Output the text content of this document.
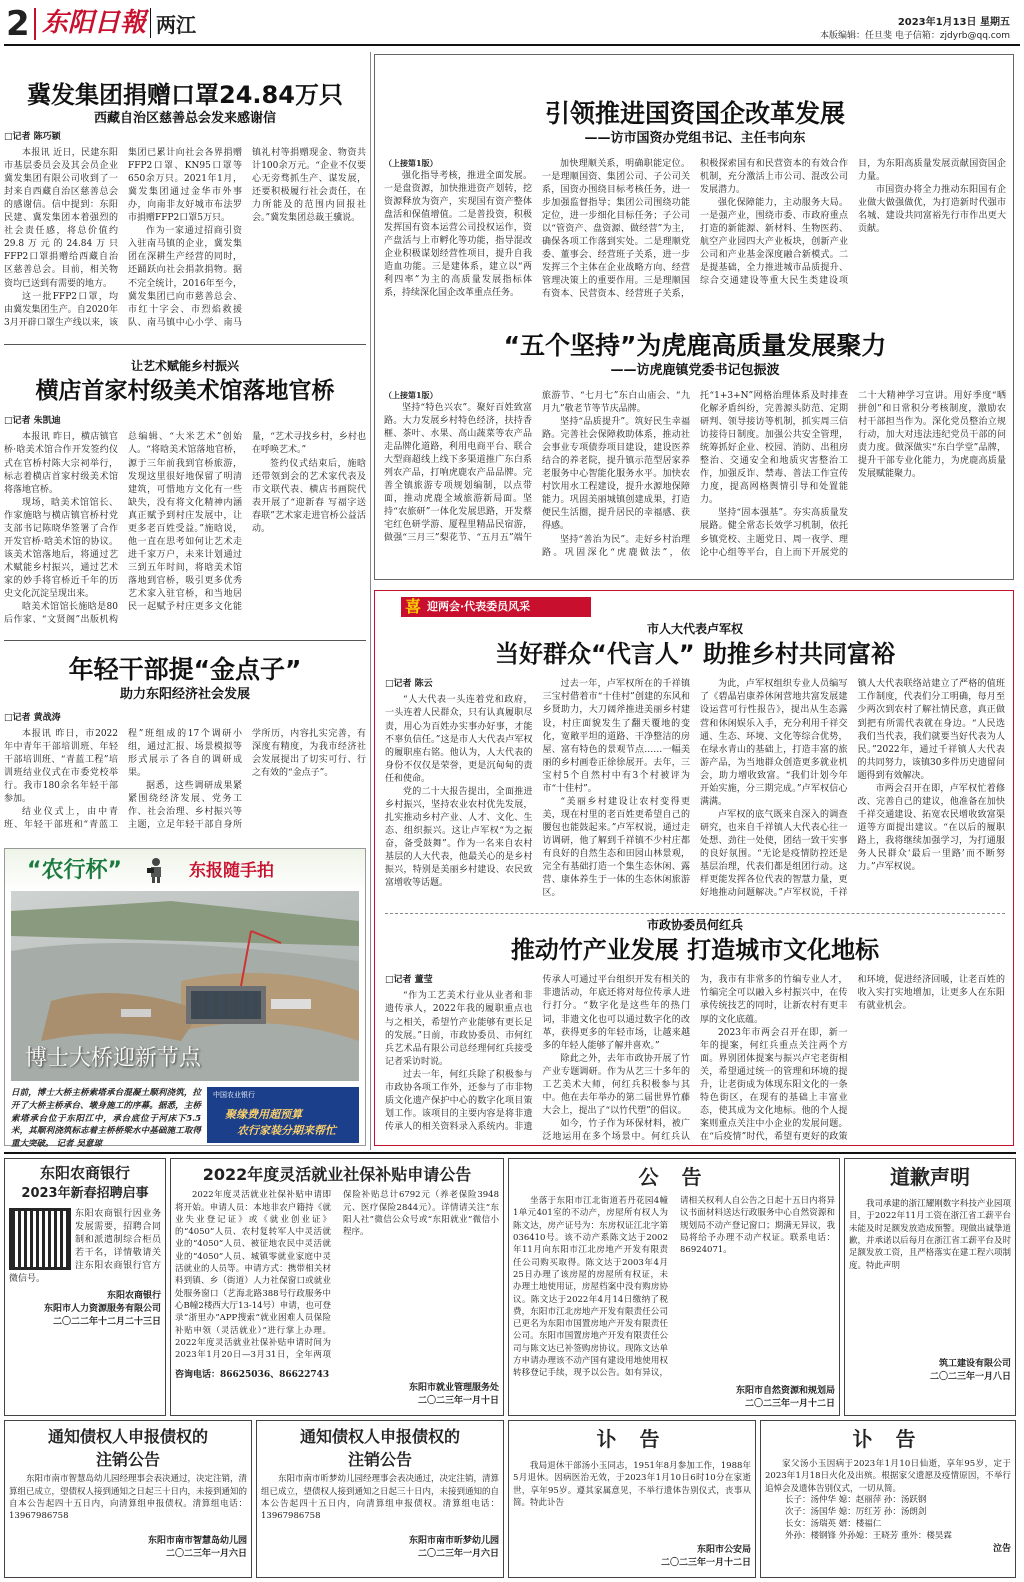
2 东阳日報 两江	2023年1月13日 星期五
本版编辑：任旦斐 电子信箱：zjdyrb@qq.com
冀发集团捐赠口罩24.84万只
西藏自治区慈善总会发来感谢信
□记者 陈巧颖

本报讯 近日，民建东阳市基层委员会及其会员企业冀发集团有限公司收到了一封来自西藏自治区慈善总会的感谢信。信中提到：东阳民建、冀发集团本着强烈的社会责任感，将总价值约29.8万元的24.84万只FFP2口罩捐赠给西藏自治区慈善总会。目前，相关物资均已送到有需要的地方。

这一批FFP2口罩，均由冀发集团生产。自2020年3月开辟口罩生产线以来，该集团已累计向社会各界捐赠FFP2口罩、KN95口罩等650余万只。2021年1月，冀发集团通过金华市外事办，向南非友好城市布法罗市捐赠FFP2口罩5万只。

作为一家通过招商引资入驻南马镇的企业，冀发集团在深耕生产经营的同时，还踊跃向社会捐款捐物。据不完全统计，2016年至今，冀发集团已向市慈善总会、市红十字会、市烈焰救援队、南马镇中心小学、南马镇礼村等捐赠现金、物资共计100余万元。“企业不仅要心无旁骛抓生产、谋发展，还要积极履行社会责任，在力所能及的范围内回报社会。”冀发集团总裁王骥说。

让艺术赋能乡村振兴
横店首家村级美术馆落地官桥
□记者 朱凯迪

本报讯 昨日，横店镇官桥·晗美术馆合作开发签约仪式在官桥村陈大宗祠举行，标志着横店首家村级美术馆将落地官桥。

现场，晗美术馆馆长、作家施晗与横店镇官桥村党支部书记陈晓华签署了合作开发官桥·晗美术馆的协议。该美术馆落地后，将通过艺术赋能乡村振兴，通过艺术家的妙手将官桥近千年的历史文化沉淀呈现出来。

晗美术馆馆长施晗是80后作家、“文贤阁”出版机构总编辑、“大米艺术”创始人。“将晗美术馆落地官桥，源于三年前我到官桥旅游，发现这里很好地保留了明清建筑，可惜地方文化有一些缺失，没有将文化精神内涵真正赋予到村庄发展中，让更多老百姓受益。”施晗说，他一直在思考如何让艺术走进千家万户，未来计划通过三到五年时间，将晗美术馆落地到官桥，吸引更多优秀艺术家入驻官桥，和当地居民一起赋予村庄更多文化能量，“艺术寻找乡村，乡村也在呼唤艺术。”

签约仪式结束后，施晗还带领到会的艺术家代表及市文联代表、横店书画院代表开展了“迎新春 写福字送春联”艺术家走进官桥公益活动。

年轻干部提“金点子”
助力东阳经济社会发展
□记者 黄战涛

本报讯 昨日，市2022年中青年干部培训班、年轻干部培训班、“青蓝工程”培训班结业仪式在市委党校举行。我市180余名年轻干部参加。

结业仪式上，由中青班、年轻干部班和“青蓝工程”班组成的17个调研小组，通过汇报、场景模拟等形式展示了各自的调研成果。

据悉，这些调研成果紧紧围绕经济发展、党务工作、社会治理、乡村振兴等主题，立足年轻干部自身所学所历，内容扎实完善，有深度有精度，为我市经济社会发展提出了切实可行、行之有效的“金点子”。

“农行杯”	东报随手拍
博士大桥迎新节点
日前，博士大桥主桥索塔承台混凝土顺利浇筑，拉开了大桥主桥承台、墩身施工的序幕。据悉，主桥索塔承台位于东阳江中，承台底位于河床下5.5米，其顺利浇筑标志着主桥桥梁水中基础施工取得重大突破。 记者 吴意琼
中国农业银行
聚缘费用超预算
农行家装分期来帮忙
引领推进国资国企改革发展
——访市国资办党组书记、主任韦向东
（上接第1版）

强化指导考核，推进全面发展。一是盘资源，加快推进资产划转，挖资源释放为资产，实现国有资产整体盘活和保值增值。二是普投资，积极发挥国有资本运营公司投权运作，资产盘活与上市孵化等功能，指导混改企业积极谋划经营性项目，提升自我造血功能。三是建体系，建立以“两利四率”为主的高质量发展指标体系，持续深化国企改革重点任务。

加快理顺关系，明确职能定位。一是理顺国资、集团公司、子公司关系，国资办围绕目标考核任务，进一步加强监督指导；集团公司围绕功能定位，进一步细化目标任务；子公司以“管资产、盘资源、做经营”为主，确保各项工作落到实处。二是理顺党委、董事会、经营班子关系，进一步发挥三个主体在企业战略方向、经营管理决策上的重要作用。三是理顺国有资本、民营资本、经营班子关系，积极探索国有和民营资本的有效合作机制，充分激活上市公司、混改公司发展潜力。

强化保障能力，主动服务大局。一是强产业，围绕市委、市政府重点打造的新能源、新材料、生物医药、航空产业园四大产业板块，创新产业公司和产业基金深度融合新模式。二是提基础，全力推进城市品质提升、综合交通建设等重大民生类建设项目，为东阳高质量发展贡献国资国企力量。

市国资办将全力推动东阳国有企业做大做强做优，为打造新时代强市名城、建设共同富裕先行市作出更大贡献。

“五个坚持”为虎鹿高质量发展聚力
——访虎鹿镇党委书记包振波
（上接第1版）

坚持“特色兴农”。聚好百姓致富路。大力发展乡村特色经济，扶持香榧、茶叶、水果、高山蔬菜等农产品走品牌化道路，利用电商平台、联合大型商超线上线下多渠道推广东白系列农产品，打响虎鹿农产品品牌。完善全镇旅游专项规划编制，以点带面，推动虎鹿全域旅游新局面。坚持“农旅研”一体化发展思路，开发蔡宅红色研学游、厦程里精品民宿游，做强“三月三”梨花节、“五月五”端午旅游节、“七月七”东白山庙会、“九月九”敬老节等节庆品牌。

坚持“品质提升”。筑好民生幸福路。完善社会保障救助体系，推动社会事业专项债券项目建设，建设医养结合的养老院，提升镇示范型居家养老服务中心智能化服务水平。加快农村饮用水工程建设，提升水源地保障能力。巩固美丽城镇创建成果，打造便民生活圈，提升居民的幸福感、获得感。

坚持“善治为民”。走好乡村治理路。巩固深化“虎鹿做法”，依托“1+3+N”网格治理体系及时排查化解矛盾纠纷，完善源头防范、定期研判、领导接访等机制，抓实周三信访接待日制度。加强公共安全管理，统筹抓好企业、校园、消防、出租房整治、交通安全和地质灾害整治工作，加强反诈、禁毒、普法工作宣传力度，提高网格舆情引导和处置能力。

坚持“固本强基”。夯实高质量发展路。健全常态长效学习机制，依托乡镇党校、主题党日、周一夜学、理论中心组等平台，自上而下开展党的二十大精神学习宣讲。用好季度“晒拼创”和日常积分考核制度，激励农村干部担当作为。深化党员整治立规行动，加大对违法违纪党员干部的问责力度。做深做实“东白学堂”品牌，提升干部专业化能力，为虎鹿高质量发展赋能聚力。

喜 迎两会·代表委员风采
市人大代表卢军权
当好群众“代言人” 助推乡村共同富裕
□记者 陈云

“人大代表一头连着党和政府，一头连着人民群众，只有认真履职尽责，用心为百姓办实事办好事，才能不辜负信任。”这是市人大代表卢军权的履职座右铭。他认为，人大代表的身份不仅仅是荣誉，更是沉甸甸的责任和使命。

党的二十大报告提出，全面推进乡村振兴，坚持农业农村优先发展，扎实推动乡村产业、人才、文化、生态、组织振兴。这让卢军权“为之振奋，备受鼓舞”。作为一名来自农村基层的人大代表，他最关心的是乡村振兴，特别是美丽乡村建设、农民致富增收等话题。

过去一年，卢军权所在的千祥镇三宝村借着市“十佳村”创建的东风和乡贤助力，大刀阔斧推进美丽乡村建设，村庄面貌发生了翻天覆地的变化，宽敞平坦的道路、干净整洁的房屋、富有特色的景观节点……一幅美丽的乡村画卷正徐徐展开。去年，三宝村5个自然村中有3个村被评为市“十佳村”。

“美丽乡村建设让农村变得更美，现在村里的老百姓更希望自己的腰包也能鼓起来。”卢军权说，通过走访调研，他了解到千祥镇不少村庄都有良好的自然生态和田园山林景观，完全有基础打造一个集生态休闲、露营、康体养生于一体的生态休闲旅游区。

为此，卢军权组织专业人员编写了《碧晶岩康养休闲营地共富发展建设运营可行性报告》，提出从生态露营和休闲娱乐入手，充分利用千祥交通、生态、环境、文化等综合优势，在绿水青山的基础上，打造丰富的旅游产品，为当地群众创造更多就业机会，助力增收致富。“我们计划今年开始实施，分三期完成。”卢军权信心满满。

卢军权的底气既来自深入的调查研究，也来自千祥镇人大代表心往一处想、劲往一处使，团结一致干实事的良好氛围。“无论是疫情防控还是基层治理，代表们都是组团行动。这样更能发挥各位代表的智慧力量，更好地推动问题解决。”卢军权说，千祥镇人大代表联络站建立了严格的值班工作制度，代表们分工明确，每月至少两次到农村了解社情民意，真正做到把有所需代表就在身边。“人民选我们当代表，我们就要当好代表为人民。”2022年，通过千祥镇人大代表的共同努力，该镇30多件历史遗留问题得到有效解决。

市两会召开在即，卢军权忙着修改、完善自己的建议，他准备在加快千祥交通建设、拓宽农民增收致富渠道等方面提出建议。“在以后的履职路上，我将继续加强学习，为打通服务人民群众‘最后一里路’而不断努力。”卢军权说。

市政协委员何红兵
推动竹产业发展 打造城市文化地标
□记者 董莹

“作为工艺美术行业从业者和非遗传承人，2022年我的履职重点也与之相关，希望竹产业能够有更长足的发展。”日前，市政协委员、市何红兵艺术品有限公司总经理何红兵接受记者采访时说。

过去一年，何红兵除了积极参与市政协各项工作外，还参与了市非物质文化遗产保护中心的数字化项目策划工作。该项目的主要内容是将非遗传承人的相关资料录入系统内。非遗传承人可通过平台组织开发有相关的非遗活动，年底还将对每位传承人进行打分。“数字化是这些年的热门词，非遗文化也可以通过数字化的改革，获得更多的年轻市场，让越来越多的年轻人能够了解并喜欢。”

除此之外，去年市政协开展了竹产业专题调研。作为从艺三十多年的工艺美术大师，何红兵积极参与其中。他在去年举办的第二届世界竹藤大会上，提出了“以竹代塑”的倡议。

如今，竹子作为环保材料，被广泛地运用在多个场景中。何红兵认为，我市有非常多的竹编专业人才，竹编完全可以融入乡村振兴中，在传承传统技艺的同时，让新农村有更丰厚的文化底蕴。

2023年市两会召开在即，新一年的提案，何红兵重点关注两个方面。界别团体提案与振兴卢宅老街相关，希望通过统一的管理和环境的提升，让老街成为体现东阳文化的一条特色街区，在现有的基础上丰富业态，使其成为文化地标。他的个人提案则重点关注中小企业的发展问题。在“后疫情”时代，希望有更好的政策和环境，促进经济回暖，让老百姓的收入实打实地增加，让更多人在东阳有就业机会。

东阳农商银行
2023年新春招聘启事
东阳农商银行因业务发展需要，招聘合同制和派遣制综合柜员若干名，详情敬请关注东阳农商银行官方微信号。
东阳农商银行
东阳市人力资源服务有限公司
二〇二二年十二月二十三日
2022年度灵活就业社保补贴申请公告

2022年度灵活就业社保补贴申请即将开始。申请人员：本地非农户籍持《就业失业登记证》或《就业创业证》的“4050”人员、农村复转军人中灵活就业的“4050”人员、被征地农民中灵活就业的“4050”人员、城镇零就业家庭中灵活就业的人员等。申请方式：携带相关材料到镇、乡（街道）人力社保窗口或就业处服务窗口（艺海北路388号行政服务中心B幢2楼西大厅13-14号）申请，也可登录“浙里办”APP搜索“就业困难人员保险补贴申领（灵活就业）”进行掌上办理。2022年度灵活就业社保补贴申请时间为2023年1月20日—3月31日，全年两项保险补贴总计6792元（养老保险3948元、医疗保险2844元）。详情请关注“东阳人社”微信公众号或“东阳就业”微信小程序。

咨询电话：86625036、86622743
东阳市就业管理服务处
二〇二三年一月十日
公 告

坐落于东阳市江北街道若丹花园4幢1单元401室的不动产，房屋所有权人为陈文达，房产证号为：东房权证江北字第036410号。该不动产系陈文达于2002年11月向东阳市江北房地产开发有限责任公司购买取得。陈文达于2003年4月25日办理了该房屋的房屋所有权证，未办理土地使用证，房屋档案中没有购房协议。陈文达于2022年4月14日缴纳了税费，东阳市江北房地产开发有限责任公司已更名为东阳市国置房地产开发有限责任公司。东阳市国置房地产开发有限责任公司与陈文达已补签购房协议。现陈文达单方申请办理该不动产国有建设用地使用权转移登记手续，现予以公告。如有异议，请相关权利人自公告之日起十五日内将异议书面材料送达行政服务中心自然资源和规划局不动产登记窗口；期满无异议，我局将给予办理不动产权证。联系电话：86924071。

东阳市自然资源和规划局
二〇二三年一月十二日
道歉声明
我司承建的浙江耀刚数字科技产业园项目，于2022年11月工资在浙江省工薪平台未能及时足额发放造成预警。现做出诚挚道歉，并承诺以后每月在浙江省工薪平台及时足额发放工资，且严格落实在建工程六项制度。特此声明
筑工建设有限公司
二〇二三年一月八日
通知债权人申报债权的
注销公告
东阳市南市智慧岛幼儿园经理事会表决通过，决定注销，清算组已成立，望债权人接到通知之日起三十日内，未接到通知的自本公告起四十五日内，向清算组申报债权。清算组电话：13967986758
东阳市南市智慧岛幼儿园
二〇二三年一月六日
通知债权人申报债权的
注销公告
东阳市南市昕梦幼儿园经理事会表决通过，决定注销，清算组已成立，望债权人接到通知之日起三十日内，未接到通知的自本公告起四十五日内，向清算组申报债权。清算组电话：13967986758
东阳市南市昕梦幼儿园
二〇二三年一月六日
讣 告
我局退休干部汤小玉同志，1951年8月参加工作，1988年5月退休。因病医治无效，于2023年1月10日6时10分在家逝世，享年95岁。遵其家属意见，不举行遗体告别仪式，丧事从简。特此讣告
东阳市公安局
二〇二三年一月十二日
讣 告
家父汤小玉因病于2023年1月10日仙逝，享年95岁，定于2023年1月18日火化及出殡。根据家父遗愿及疫情原因，不举行追悼会及遗体告别仪式，一切从简。
长子：汤仲华 媳：赵丽萍 孙：汤跃钢
次子：汤国华 媳：厉红芳 孙：汤朗剑
长女：汤瑞英 婿：楼福仁
外孙：楼钢锋 外孙媳：王晓芳 重外：楼昊霖
泣告
